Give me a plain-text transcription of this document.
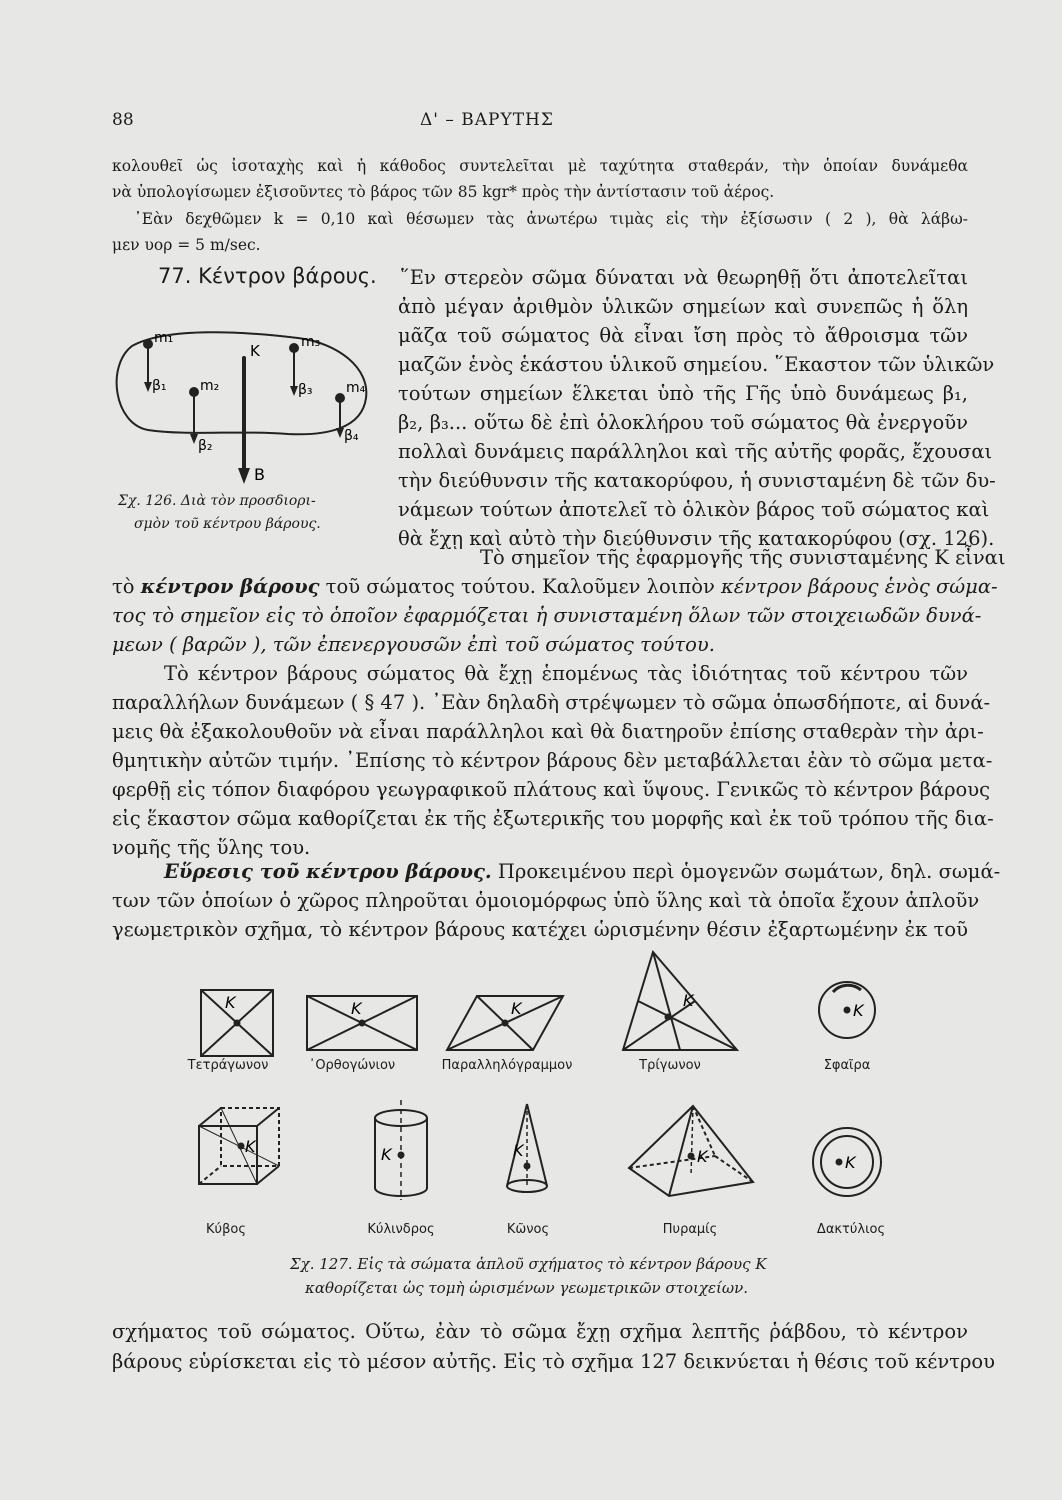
88	Δ' – ΒΑΡΥΤΗΣ
κολουθεῖ ὡς ἰσοταχὴς καὶ ἡ κάθοδος συντελεῖται μὲ ταχύτητα σταθεράν, τὴν ὁποίαν δυνάμεθα
νὰ ὑπολογίσωμεν ἐξισοῦντες τὸ βάρος τῶν 85 kgr* πρὸς τὴν ἀντίστασιν τοῦ ἀέρος.
᾿Εὰν δεχθῶμεν k = 0,10 καὶ θέσωμεν τὰς ἀνωτέρω τιμὰς εἰς τὴν ἐξίσωσιν ( 2 ), θὰ λάβω-
μεν υορ = 5 m/sec.
77. Κέντρον βάρους. ῞Εν στερεὸν σῶμα δύναται νὰ θεωρηθῇ ὅτι ἀποτελεῖται
ἀπὸ μέγαν ἀριθμὸν ὑλικῶν σημείων καὶ συνεπῶς ἡ ὅλη
μᾶζα τοῦ σώματος θὰ εἶναι ἴση πρὸς τὸ ἄθροισμα τῶν
μαζῶν ἑνὸς ἑκάστου ὑλικοῦ σημείου. ῞Εκαστον τῶν ὑλικῶν
τούτων σημείων ἕλκεται ὑπὸ τῆς Γῆς ὑπὸ δυνάμεως β₁,
β₂, β₃... οὕτω δὲ ἐπὶ ὁλοκλήρου τοῦ σώματος θὰ ἐνεργοῦν
πολλαὶ δυνάμεις παράλληλοι καὶ τῆς αὐτῆς φορᾶς, ἔχουσαι
τὴν διεύθυνσιν τῆς κατακορύφου, ἡ συνισταμένη δὲ τῶν δυ-
νάμεων τούτων ἀποτελεῖ τὸ ὁλικὸν βάρος τοῦ σώματος καὶ
θὰ ἔχῃ καὶ αὐτὸ τὴν διεύθυνσιν τῆς κατακορύφου (σχ. 126).
m₁
m₂
m₃
m₄
β₁
β₂
β₃
β₄
K
B
Σχ. 126. Διὰ τὸν προσδιορι-
σμὸν τοῦ κέντρου βάρους.
Τὸ σημεῖον τῆς ἐφαρμογῆς τῆς συνισταμένης K εἶναι
τὸ κέντρον βάρους τοῦ σώματος τούτου. Καλοῦμεν λοιπὸν κέντρον βάρους ἑνὸς σώμα-
τος τὸ σημεῖον εἰς τὸ ὁποῖον ἐφαρμόζεται ἡ συνισταμένη ὅλων τῶν στοιχειωδῶν δυνά-
μεων ( βαρῶν ), τῶν ἐπενεργουσῶν ἐπὶ τοῦ σώματος τούτου.
Τὸ κέντρον βάρους σώματος θὰ ἔχῃ ἑπομένως τὰς ἰδιότητας τοῦ κέντρου τῶν
παραλλήλων δυνάμεων ( § 47 ). ᾿Εὰν δηλαδὴ στρέψωμεν τὸ σῶμα ὁπωσδήποτε, αἱ δυνά-
μεις θὰ ἐξακολουθοῦν νὰ εἶναι παράλληλοι καὶ θὰ διατηροῦν ἐπίσης σταθερὰν τὴν ἀρι-
θμητικὴν αὐτῶν τιμήν. ᾿Επίσης τὸ κέντρον βάρους δὲν μεταβάλλεται ἐὰν τὸ σῶμα μετα-
φερθῇ εἰς τόπον διαφόρου γεωγραφικοῦ πλάτους καὶ ὕψους. Γενικῶς τὸ κέντρον βάρους
εἰς ἕκαστον σῶμα καθορίζεται ἐκ τῆς ἐξωτερικῆς του μορφῆς καὶ ἐκ τοῦ τρόπου τῆς δια-
νομῆς τῆς ὕλης του.
Εὕρεσις τοῦ κέντρου βάρους. Προκειμένου περὶ ὁμογενῶν σωμάτων, δηλ. σωμά-
των τῶν ὁποίων ὁ χῶρος πληροῦται ὁμοιομόρφως ὑπὸ ὕλης καὶ τὰ ὁποῖα ἔχουν ἁπλοῦν
γεωμετρικὸν σχῆμα, τὸ κέντρον βάρους κατέχει ὡρισμένην θέσιν ἐξαρτωμένην ἐκ τοῦ
K	K	K	K
K
K	K	K	K	K
Τετράγωνον	᾿Ορθογώνιον	Παραλληλόγραμμον	Τρίγωνον	Σφαῖρα
Κύβος	Κύλινδρος	Κῶνος	Πυραμίς	Δακτύλιος
Σχ. 127. Εἰς τὰ σώματα ἁπλοῦ σχήματος τὸ κέντρον βάρους K
καθορίζεται ὡς τομὴ ὡρισμένων γεωμετρικῶν στοιχείων.
σχήματος τοῦ σώματος. Οὕτω, ἐὰν τὸ σῶμα ἔχῃ σχῆμα λεπτῆς ῥάβδου, τὸ κέντρον
βάρους εὑρίσκεται εἰς τὸ μέσον αὐτῆς. Εἰς τὸ σχῆμα 127 δεικνύεται ἡ θέσις τοῦ κέντρου
